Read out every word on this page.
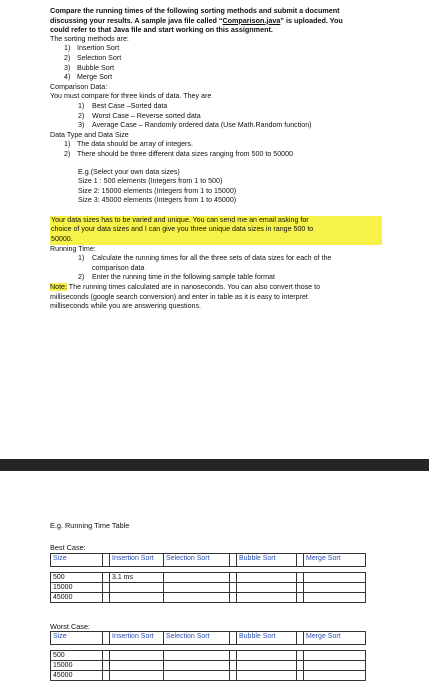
Compare the running times of the following sorting methods and submit a document
discussing your results. A sample java file called “Comparison.java” is uploaded. You
could refer to that Java file and start working on this assignment.

The sorting methods are:

1) Insertion Sort
2) Selection Sort
3) Bubble Sort
4) Merge Sort

Comparison Data:

You must compare for three kinds of data. They are

1) Best Case –Sorted data
2) Worst Case – Reverse sorted data
3) Average Case – Randomly ordered data (Use Math.Random function)

Data Type and Data Size

1) The data should be array of integers.
2) There should be three different data sizes ranging from 500 to 50000

E.g.(Select your own data sizes)

Size 1 : 500 elements (Integers from 1 to 500)

Size 2: 15000 elements (Integers from 1 to 15000)

Size 3: 45000 elements (Integers from 1 to 45000)

Your data sizes has to be varied and unique. You can send me an email asking for

choice of your data sizes and I can give you three unique data sizes in range 500 to

50000.

Running Time:

1) Calculate the running times for all the three sets of data sizes for each of the
comparison data
2) Enter the running time in the following sample table format

Note: The running times calculated are in nanoseconds. You can also convert those to
milliseconds (google search conversion) and enter in table as it is easy to interpret
milliseconds while you are answering questions.

E.g. Running Time Table
Best Case:
Size		Insertion Sort	Selection Sort		Bubble Sort		Merge Sort

500		3.1 ms					
15000							
45000							
Worst Case:
Size		Insertion Sort	Selection Sort		Bubble Sort		Merge Sort

500							
15000							
45000							
